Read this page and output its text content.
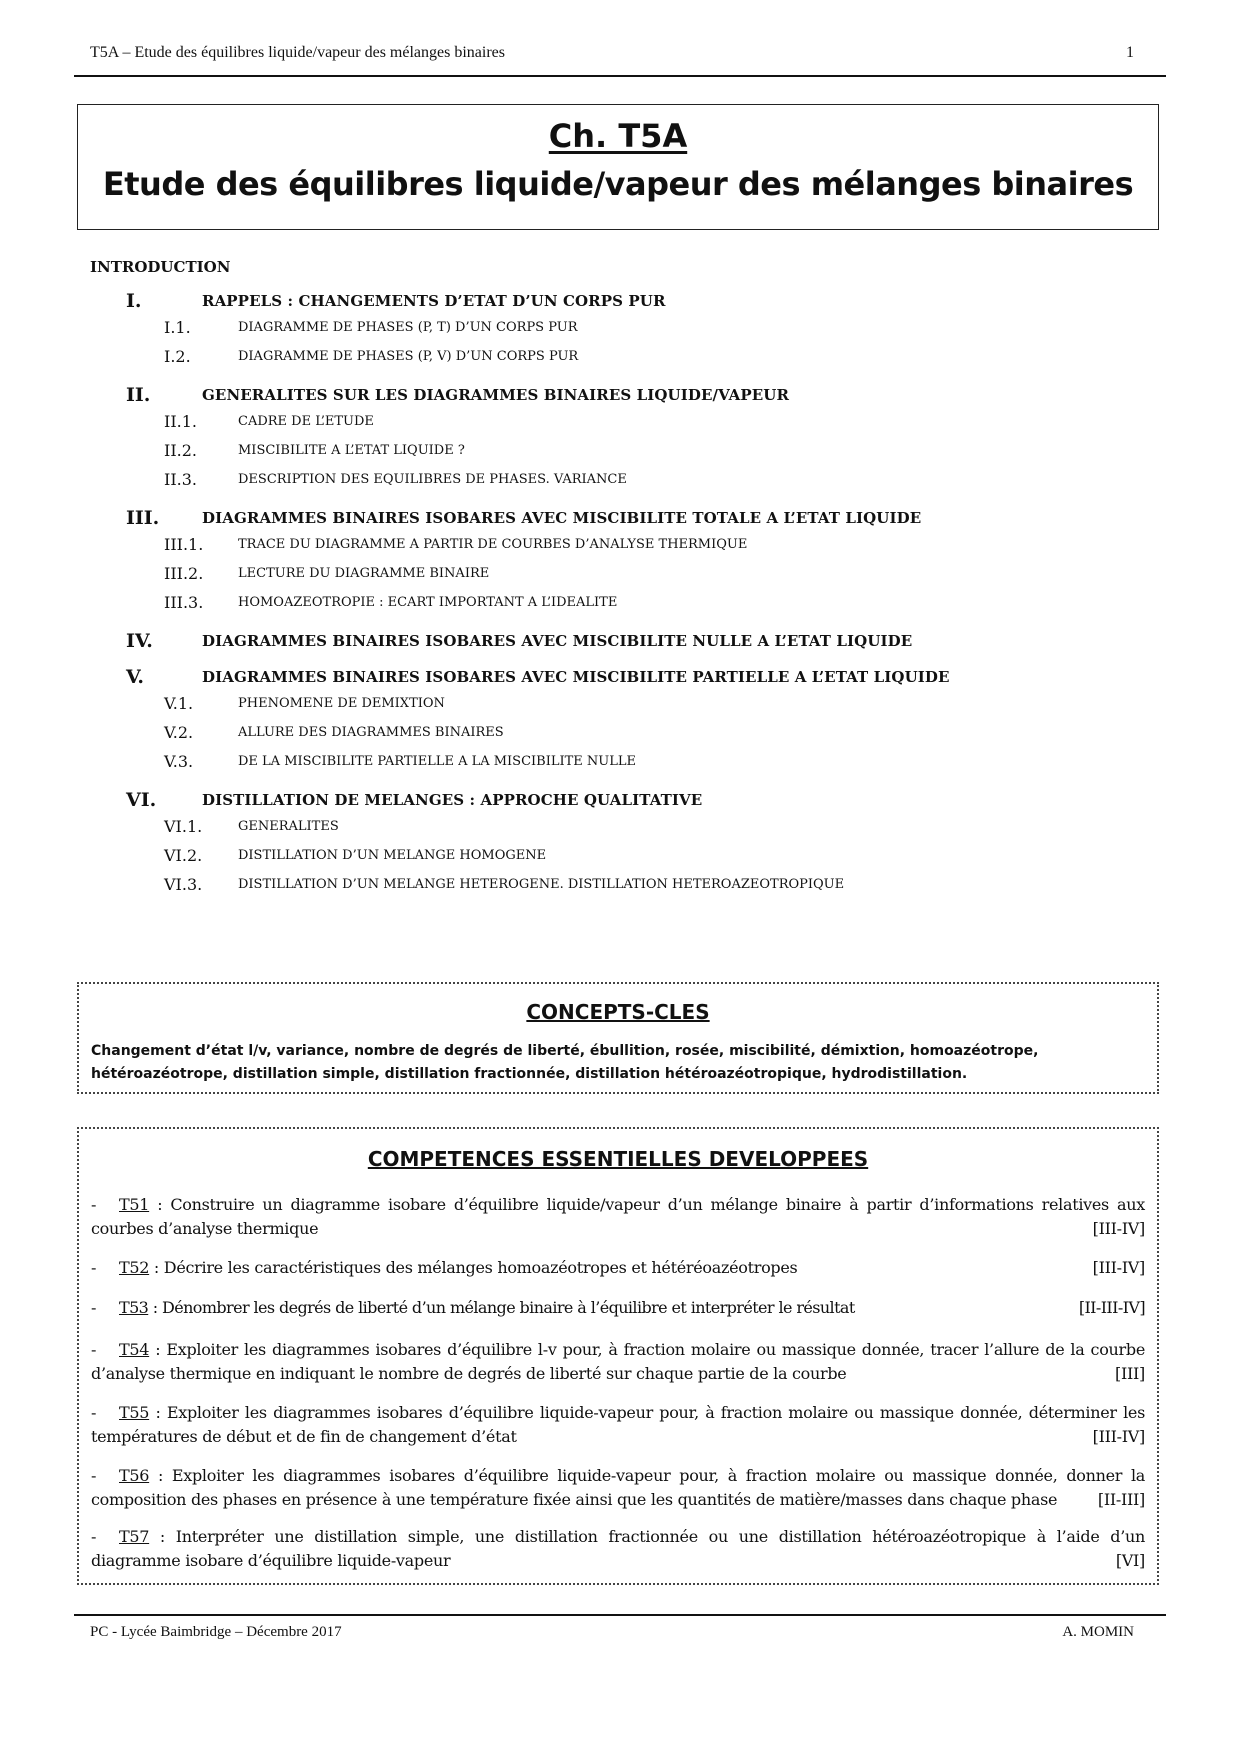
T5A – Etude des équilibres liquide/vapeur des mélanges binaires	1
Ch. T5A
Etude des équilibres liquide/vapeur des mélanges binaires
INTRODUCTION
I.	RAPPELS : CHANGEMENTS D’ETAT D’UN CORPS PUR
I.1.	DIAGRAMME DE PHASES (P, T) D’UN CORPS PUR
I.2.	DIAGRAMME DE PHASES (P, V) D’UN CORPS PUR
II.	GENERALITES SUR LES DIAGRAMMES BINAIRES LIQUIDE/VAPEUR
II.1.	CADRE DE L’ETUDE
II.2.	MISCIBILITE A L’ETAT LIQUIDE ?
II.3.	DESCRIPTION DES EQUILIBRES DE PHASES. VARIANCE
III.	DIAGRAMMES BINAIRES ISOBARES AVEC MISCIBILITE TOTALE A L’ETAT LIQUIDE
III.1.	TRACE DU DIAGRAMME A PARTIR DE COURBES D’ANALYSE THERMIQUE
III.2.	LECTURE DU DIAGRAMME BINAIRE
III.3.	HOMOAZEOTROPIE : ECART IMPORTANT A L’IDEALITE
IV.	DIAGRAMMES BINAIRES ISOBARES AVEC MISCIBILITE NULLE A L’ETAT LIQUIDE
V.	DIAGRAMMES BINAIRES ISOBARES AVEC MISCIBILITE PARTIELLE A L’ETAT LIQUIDE
V.1.	PHENOMENE DE DEMIXTION
V.2.	ALLURE DES DIAGRAMMES BINAIRES
V.3.	DE LA MISCIBILITE PARTIELLE A LA MISCIBILITE NULLE
VI.	DISTILLATION DE MELANGES : APPROCHE QUALITATIVE
VI.1.	GENERALITES
VI.2.	DISTILLATION D’UN MELANGE HOMOGENE
VI.3.	DISTILLATION D’UN MELANGE HETEROGENE. DISTILLATION HETEROAZEOTROPIQUE
CONCEPTS-CLES
Changement d’état l/v, variance, nombre de degrés de liberté, ébullition, rosée, miscibilité, démixtion, homoazéotrope, hétéroazéotrope, distillation simple, distillation fractionnée, distillation hétéroazéotropique, hydrodistillation.
COMPETENCES ESSENTIELLES DEVELOPPEES
- T51 : Construire un diagramme isobare d’équilibre liquide/vapeur d’un mélange binaire à partir d’informations relatives aux courbes d’analyse thermique	[III-IV]
- T52 : Décrire les caractéristiques des mélanges homoazéotropes et hétéréoazéotropes	[III-IV]
- T53 : Dénombrer les degrés de liberté d’un mélange binaire à l’équilibre et interpréter le résultat	[II-III-IV]
- T54 : Exploiter les diagrammes isobares d’équilibre l-v pour, à fraction molaire ou massique donnée, tracer l’allure de la courbe d’analyse thermique en indiquant le nombre de degrés de liberté sur chaque partie de la courbe	[III]
- T55 : Exploiter les diagrammes isobares d’équilibre liquide-vapeur pour, à fraction molaire ou massique donnée, déterminer les températures de début et de fin de changement d’état	[III-IV]
- T56 : Exploiter les diagrammes isobares d’équilibre liquide-vapeur pour, à fraction molaire ou massique donnée, donner la composition des phases en présence à une température fixée ainsi que les quantités de matière/masses dans chaque phase	[II-III]
- T57 : Interpréter une distillation simple, une distillation fractionnée ou une distillation hétéroazéotropique à l’aide d’un diagramme isobare d’équilibre liquide-vapeur	[VI]
PC - Lycée Baimbridge – Décembre 2017	A. MOMIN
